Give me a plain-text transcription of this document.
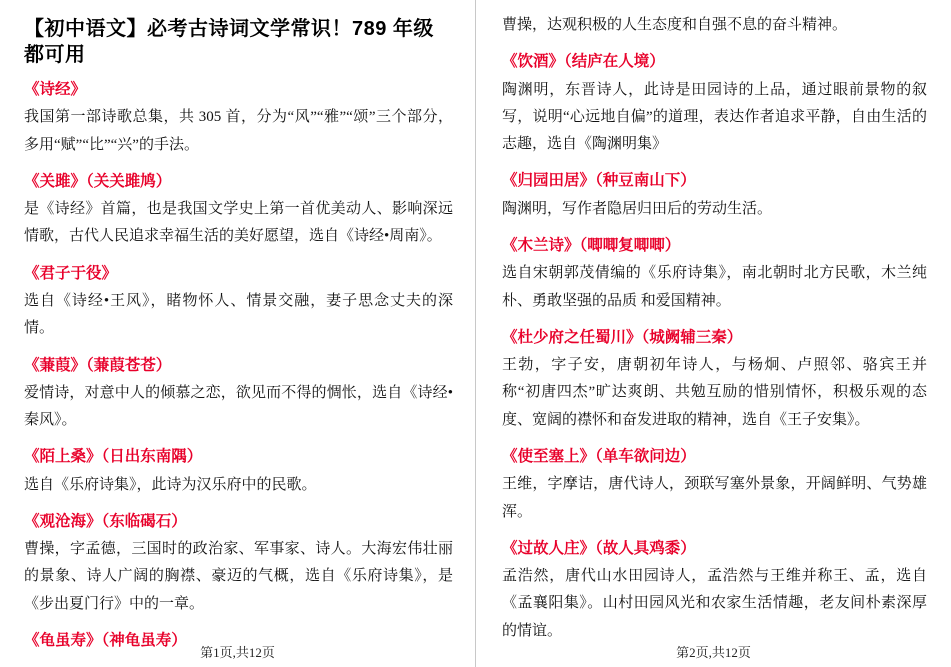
【初中语文】必考古诗词文学常识！789 年级都可用
《诗经》
我国第一部诗歌总集，共 305 首，分为“风”“雅”“颂”三个部分，多用“赋”“比”“兴”的手法。
《关雎》（关关雎鸠）
是《诗经》首篇，也是我国文学史上第一首优美动人、影响深远情歌，古代人民追求幸福生活的美好愿望，选自《诗经•周南》。
《君子于役》
选自《诗经•王风》，睹物怀人、情景交融，妻子思念丈夫的深情。
《蒹葭》（蒹葭苍苍）
爱情诗，对意中人的倾慕之恋，欲见而不得的惆怅，选自《诗经•秦风》。
《陌上桑》（日出东南隅）
选自《乐府诗集》，此诗为汉乐府中的民歌。
《观沧海》（东临碣石）
曹操，字孟德，三国时的政治家、军事家、诗人。大海宏伟壮丽的景象、诗人广阔的胸襟、豪迈的气概，选自《乐府诗集》，是《步出夏门行》中的一章。
《龟虽寿》（神龟虽寿）
第1页,共12页
曹操，达观积极的人生态度和自强不息的奋斗精神。
《饮酒》（结庐在人境）
陶渊明，东晋诗人，此诗是田园诗的上品，通过眼前景物的叙写，说明“心远地自偏”的道理，表达作者追求平静，自由生活的志趣，选自《陶渊明集》
《归园田居》（种豆南山下）
陶渊明，写作者隐居归田后的劳动生活。
《木兰诗》（唧唧复唧唧）
选自宋朝郭茂倩编的《乐府诗集》，南北朝时北方民歌，木兰纯朴、勇敢坚强的品质 和爱国精神。
《杜少府之任蜀川》（城阙辅三秦）
王勃，字子安，唐朝初年诗人，与杨炯、卢照邻、骆宾王并称“初唐四杰”旷达爽朗、共勉互励的惜别情怀，积极乐观的态度、宽阔的襟怀和奋发进取的精神，选自《王子安集》。
《使至塞上》（单车欲问边）
王维，字摩诘，唐代诗人，颈联写塞外景象，开阔鲜明、气势雄浑。
《过故人庄》（故人具鸡黍）
孟浩然，唐代山水田园诗人，孟浩然与王维并称王、孟，选自《孟襄阳集》。山村田园风光和农家生活情趣，老友间朴素深厚的情谊。
第2页,共12页
